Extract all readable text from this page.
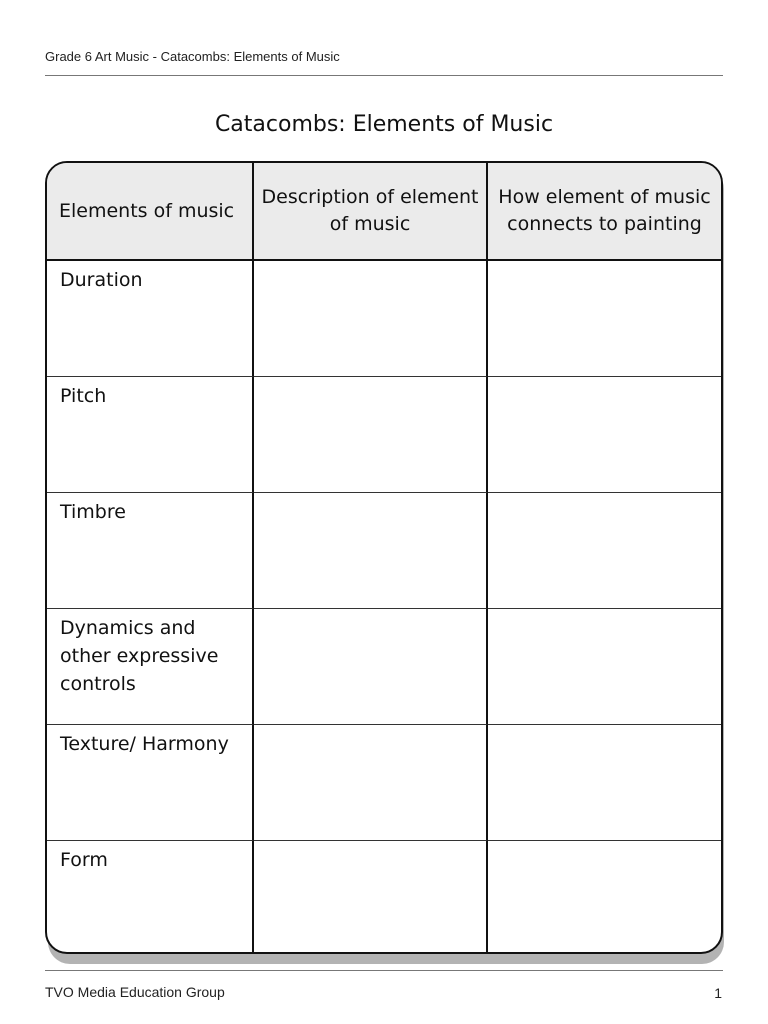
Grade 6 Art Music - Catacombs: Elements of Music
Catacombs: Elements of Music
Elements of music
Description of element of music
How element of music connects to painting
Duration
Pitch
Timbre
Dynamics and other expressive controls
Texture/ Harmony
Form
TVO Media Education Group	1
